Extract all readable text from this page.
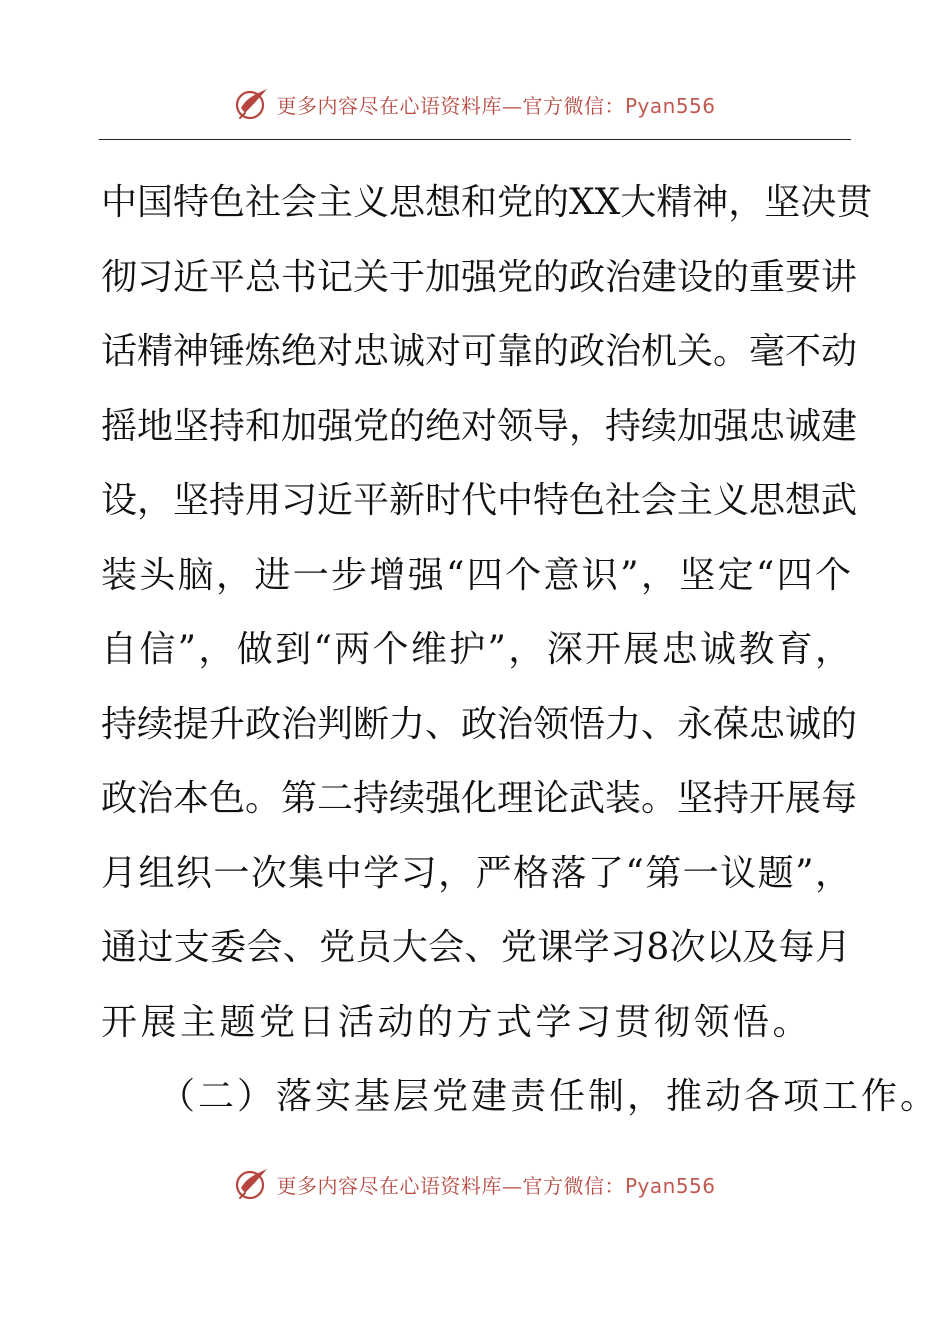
更多内容尽在心语资料库—官方微信：Pyan556
中国特色社会主义思想和党的XX大精神，坚决贯
彻习近平总书记关于加强党的政治建设的重要讲
话精神锤炼绝对忠诚对可靠的政治机关。毫不动
摇地坚持和加强党的绝对领导，持续加强忠诚建
设，坚持用习近平新时代中特色社会主义思想武
装头脑，进一步增强“四个意识”，坚定“四个
自信”，做到“两个维护”，深开展忠诚教育，
持续提升政治判断力、政治领悟力、永葆忠诚的
政治本色。第二持续强化理论武装。坚持开展每
月组织一次集中学习，严格落了“第一议题”，
通过支委会、党员大会、党课学习8次以及每月
开展主题党日活动的方式学习贯彻领悟。
（二）落实基层党建责任制，推动各项工作。
更多内容尽在心语资料库—官方微信：Pyan556
